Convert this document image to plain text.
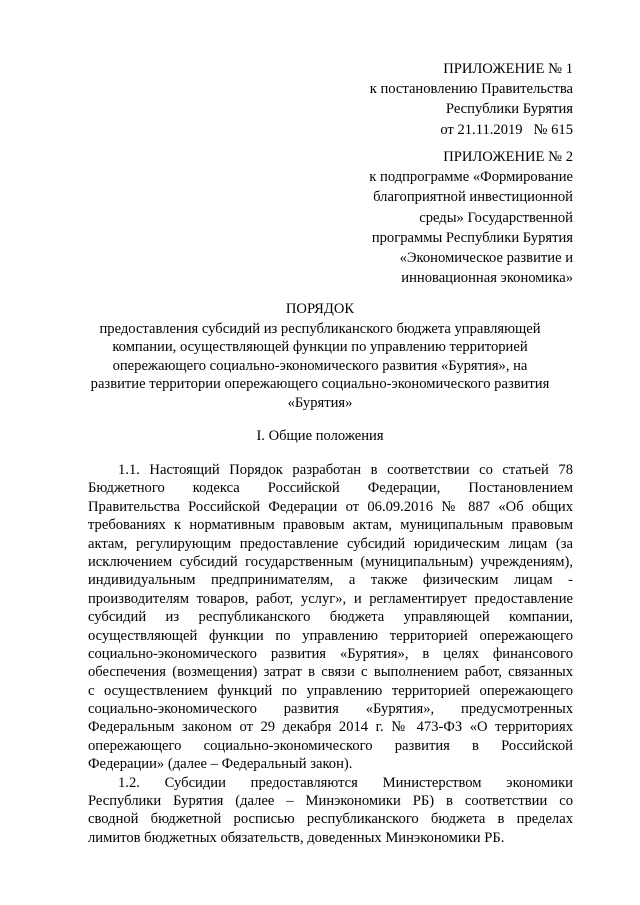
ПРИЛОЖЕНИЕ № 1
к постановлению Правительства
Республики Бурятия
от 21.11.2019   № 615
ПРИЛОЖЕНИЕ № 2
к подпрограмме «Формирование
благоприятной инвестиционной
среды» Государственной
программы Республики Бурятия
«Экономическое развитие и
инновационная экономика»
ПОРЯДОК
предоставления субсидий из республиканского бюджета управляющей
компании, осуществляющей функции по управлению территорией
опережающего социально-экономического развития «Бурятия», на
развитие территории опережающего социально-экономического развития
«Бурятия»
I. Общие положения
1.1. Настоящий Порядок разработан в соответствии со статьей 78
Бюджетного кодекса Российской Федерации, Постановлением
Правительства Российской Федерации от 06.09.2016 № 887 «Об общих
требованиях к нормативным правовым актам, муниципальным правовым
актам, регулирующим предоставление субсидий юридическим лицам (за
исключением субсидий государственным (муниципальным) учреждениям),
индивидуальным предпринимателям, а также физическим лицам -
производителям товаров, работ, услуг», и регламентирует предоставление
субсидий из республиканского бюджета управляющей компании,
осуществляющей функции по управлению территорией опережающего
социально-экономического развития «Бурятия», в целях финансового
обеспечения (возмещения) затрат в связи с выполнением работ, связанных
с осуществлением функций по управлению территорией опережающего
социально-экономического развития «Бурятия», предусмотренных
Федеральным законом от 29 декабря 2014 г. № 473-ФЗ «О территориях
опережающего социально-экономического развития в Российской
Федерации» (далее – Федеральный закон).
1.2. Субсидии предоставляются Министерством экономики
Республики Бурятия (далее – Минэкономики РБ) в соответствии со
сводной бюджетной росписью республиканского бюджета в пределах
лимитов бюджетных обязательств, доведенных Минэкономики РБ.
